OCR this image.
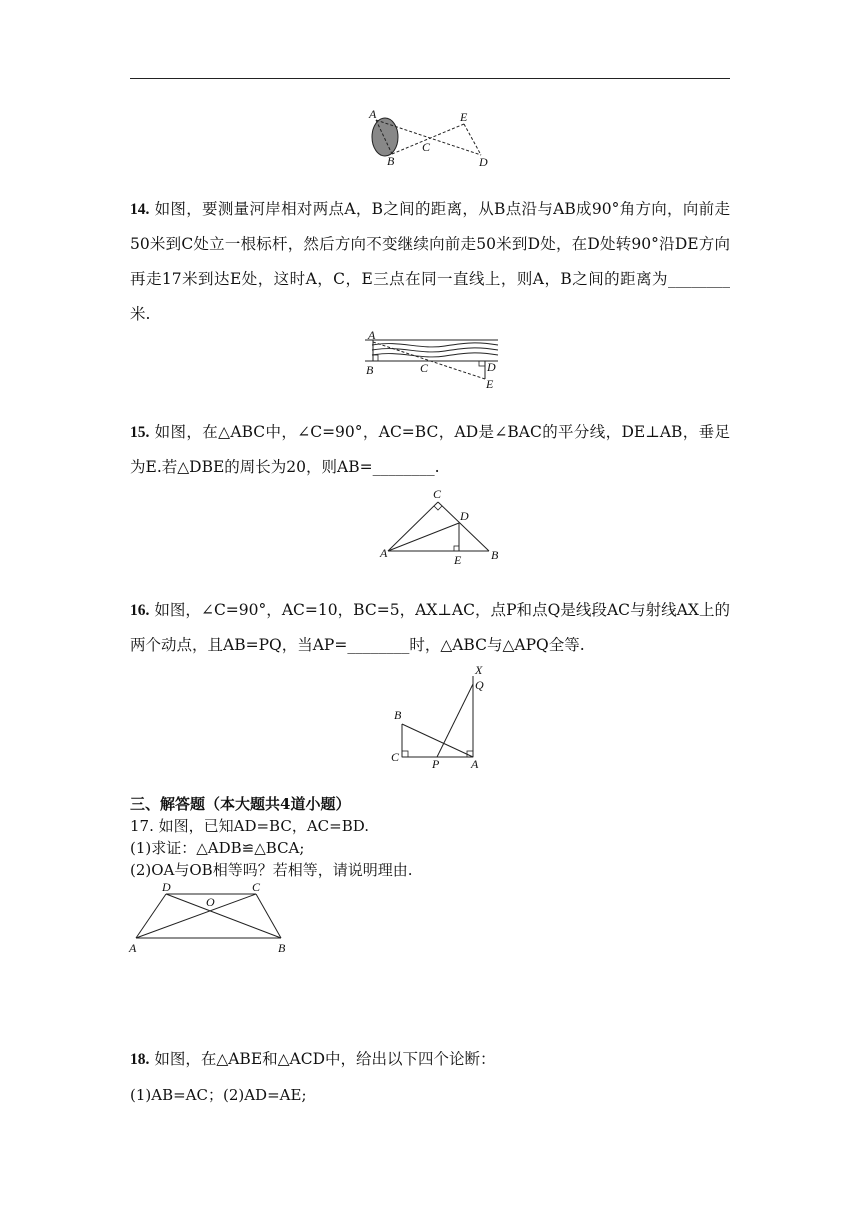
A
B
C
D
E
14. 如图，要测量河岸相对两点A，B之间的距离，从B点沿与AB成90°角方向，向前走50米到C处立一根标杆，然后方向不变继续向前走50米到D处，在D处转90°沿DE方向再走17米到达E处，这时A，C，E三点在同一直线上，则A，B之间的距离为________米.
A
B	C	D
E
15. 如图，在△ABC中，∠C=90°，AC=BC，AD是∠BAC的平分线，DE⊥AB，垂足为E.若△DBE的周长为20，则AB=________.
A
C
D
B
E
16. 如图，∠C=90°，AC=10，BC=5，AX⊥AC，点P和点Q是线段AC与射线AX上的两个动点，且AB=PQ，当AP=________时，△ABC与△APQ全等.
X
Q
B
C	P	A
三、解答题（本大题共4道小题）
17. 如图，已知AD=BC，AC=BD.
(1)求证：△ADB≌△BCA;
(2)OA与OB相等吗？若相等，请说明理由.
D	C
O
A	B
18. 如图，在△ABE和△ACD中，给出以下四个论断：
(1)AB=AC；(2)AD=AE;
